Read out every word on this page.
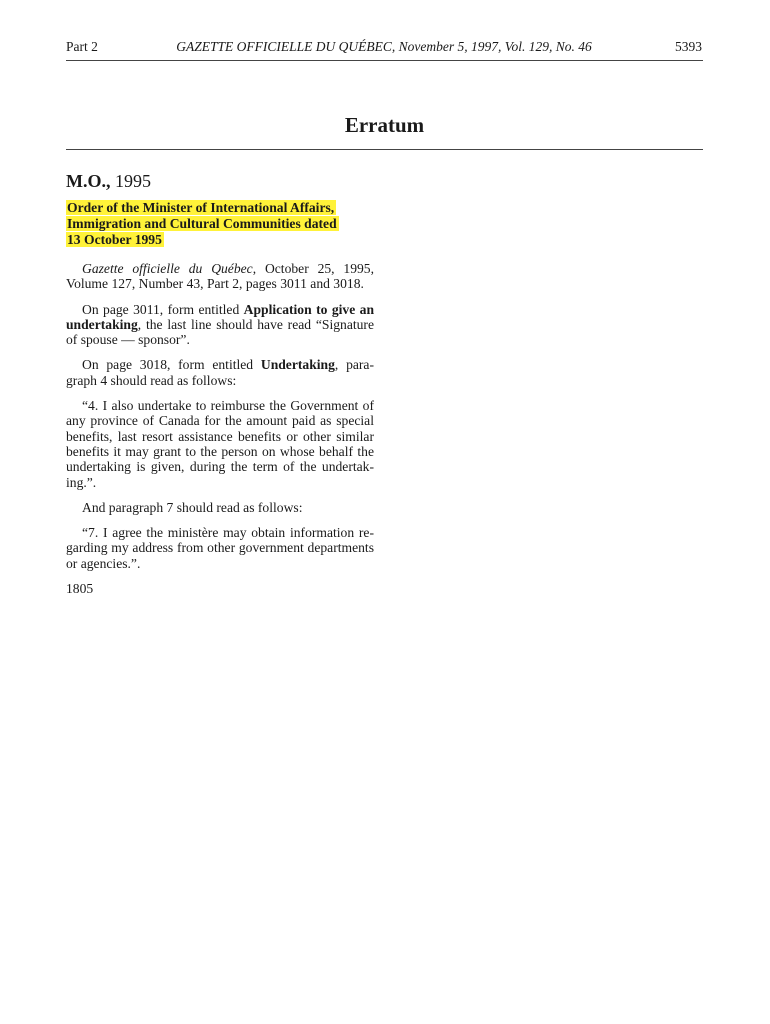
Part 2	GAZETTE OFFICIELLE DU QUÉBEC, November 5, 1997, Vol. 129, No. 46	5393
Erratum
M.O., 1995
Order of the Minister of International Affairs,
Immigration and Cultural Communities dated
13 October 1995

Gazette officielle du Québec, October 25, 1995, Volume 127, Number 43, Part 2, pages 3011 and 3018.

On page 3011, form entitled Application to give an undertaking, the last line should have read “Signature of spouse — sponsor”.

On page 3018, form entitled Undertaking, paragraph 4 should read as follows:

“4. I also undertake to reimburse the Government of any province of Canada for the amount paid as special benefits, last resort assistance benefits or other similar benefits it may grant to the person on whose behalf the undertaking is given, during the term of the undertaking.”.

And paragraph 7 should read as follows:

“7. I agree the ministère may obtain information regarding my address from other government departments or agencies.”.

1805
